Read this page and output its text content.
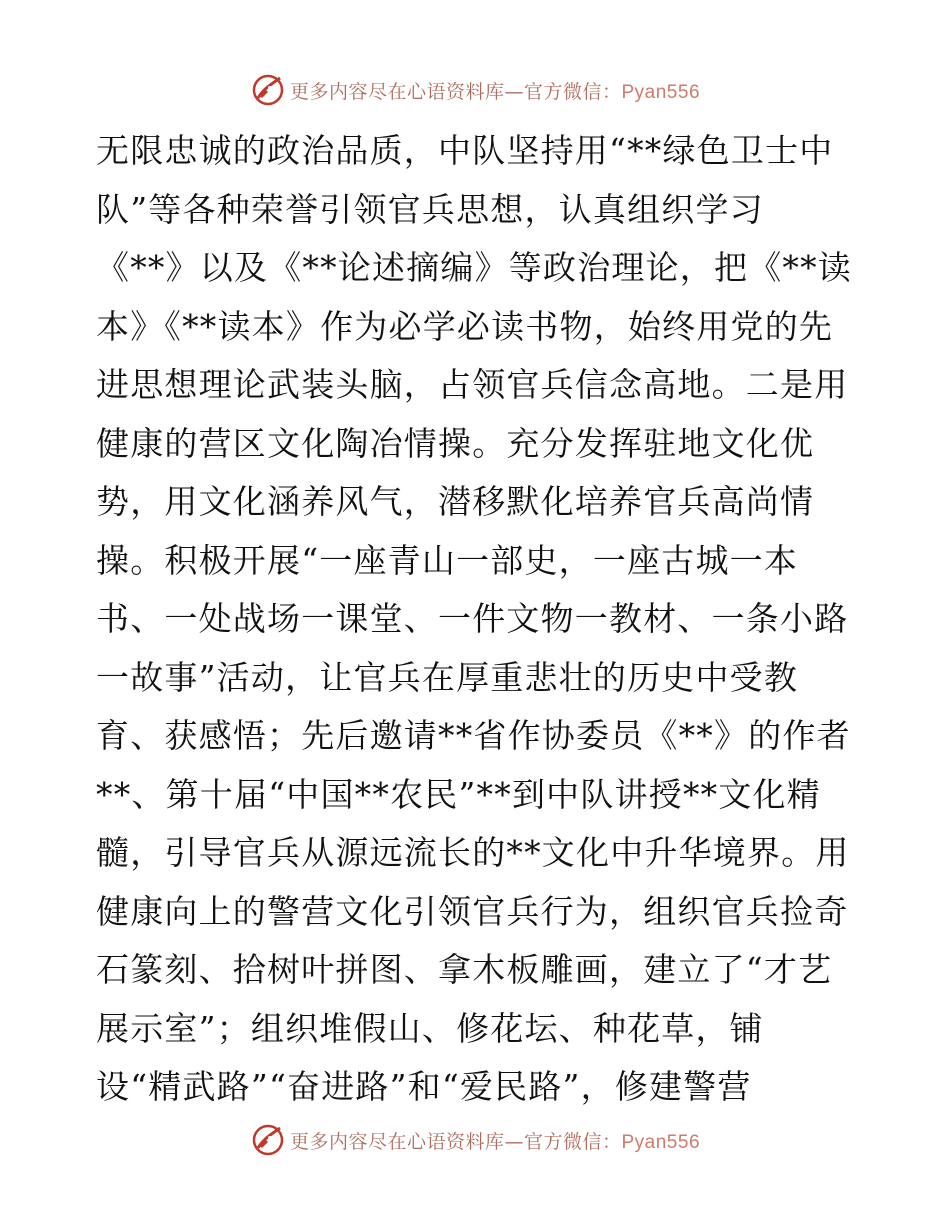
更多内容尽在心语资料库—官方微信：Pyan556
无限忠诚的政治品质，中队坚持用“**绿色卫士中
队”等各种荣誉引领官兵思想，认真组织学习
《**》以及《**论述摘编》等政治理论，把《**读
本》《**读本》作为必学必读书物，始终用党的先
进思想理论武装头脑，占领官兵信念高地。二是用
健康的营区文化陶冶情操。充分发挥驻地文化优
势，用文化涵养风气，潜移默化培养官兵高尚情
操。积极开展“一座青山一部史，一座古城一本
书、一处战场一课堂、一件文物一教材、一条小路
一故事”活动，让官兵在厚重悲壮的历史中受教
育、获感悟；先后邀请**省作协委员《**》的作者
**、第十届“中国**农民”**到中队讲授**文化精
髓，引导官兵从源远流长的**文化中升华境界。用
健康向上的警营文化引领官兵行为，组织官兵捡奇
石篆刻、拾树叶拼图、拿木板雕画，建立了“才艺
展示室”；组织堆假山、修花坛、种花草，铺
设“精武路”“奋进路”和“爱民路”，修建警营
更多内容尽在心语资料库—官方微信：Pyan556
